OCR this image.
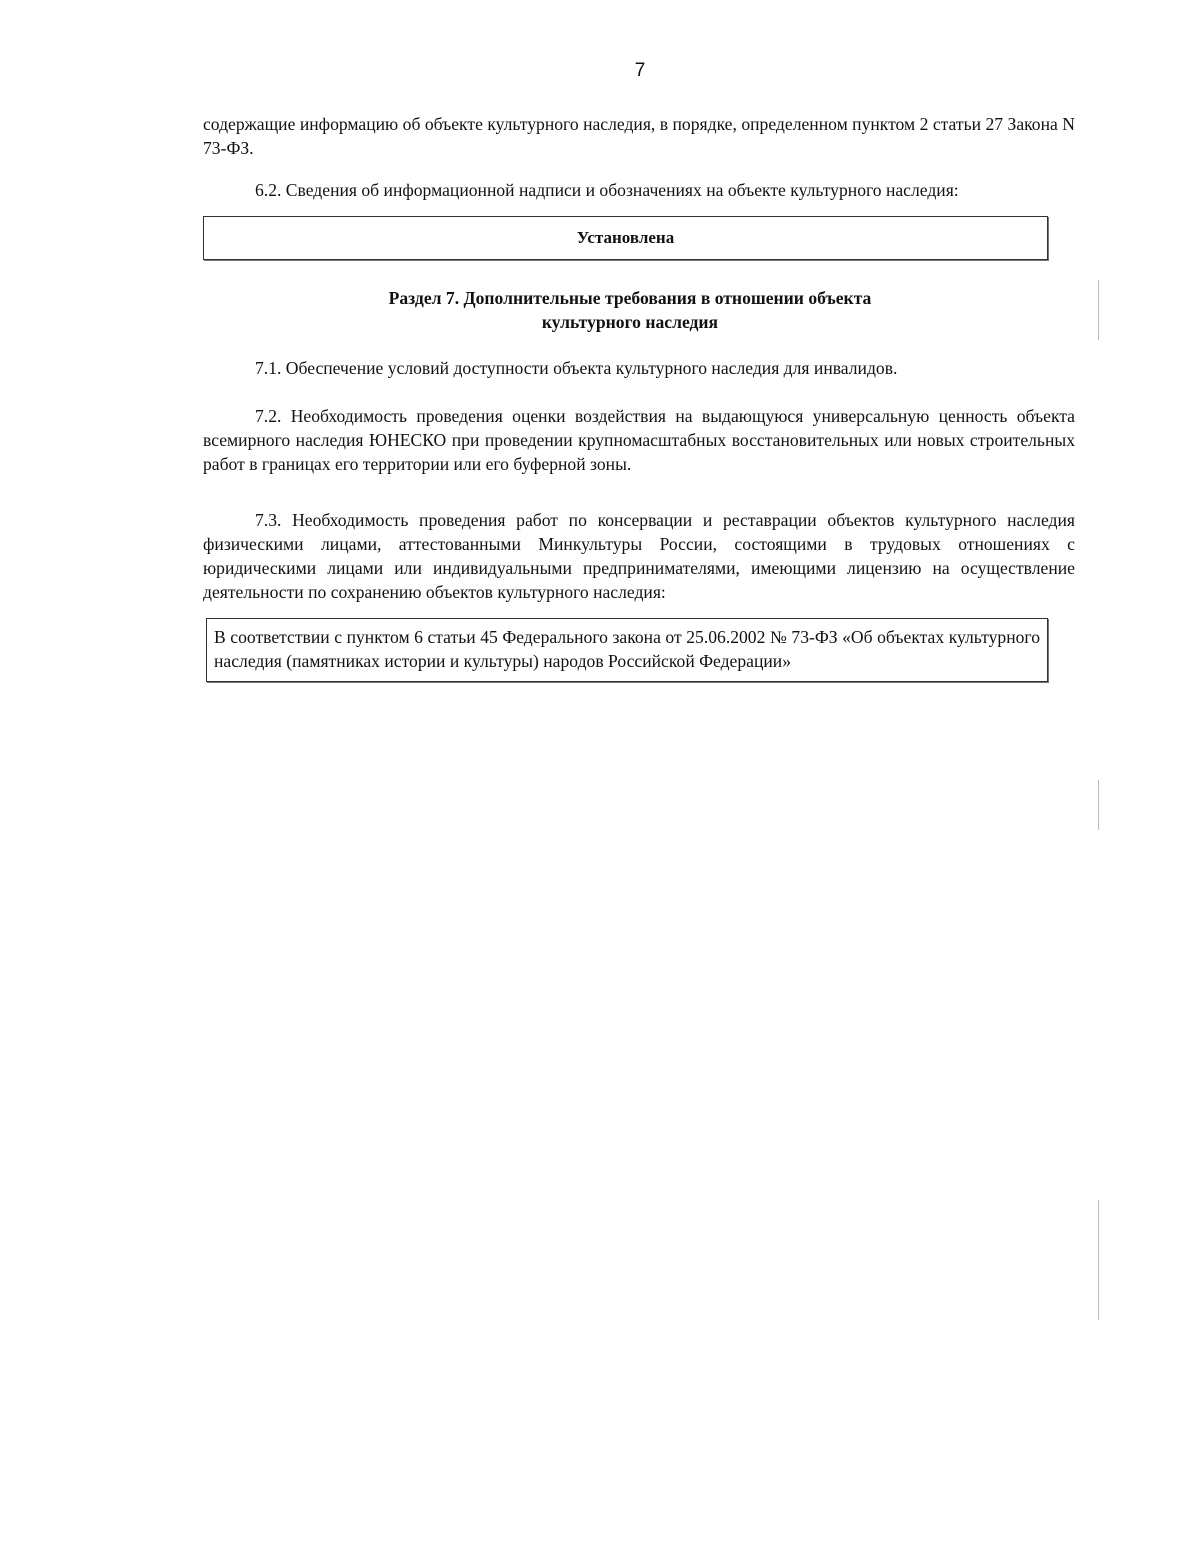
7

содержащие информацию об объекте культурного наследия, в порядке, определенном пунктом 2 статьи 27 Закона N 73-ФЗ.

6.2. Сведения об информационной надписи и обозначениях на объекте культурного наследия:

Установлена
Раздел 7. Дополнительные требования в отношении объекта
культурного наследия

7.1. Обеспечение условий доступности объекта культурного наследия для инвалидов.

7.2. Необходимость проведения оценки воздействия на выдающуюся универсальную ценность объекта всемирного наследия ЮНЕСКО при проведении крупномасштабных восстановительных или новых строительных работ в границах его территории или его буферной зоны.

7.3. Необходимость проведения работ по консервации и реставрации объектов культурного наследия физическими лицами, аттестованными Минкультуры России, состоящими в трудовых отношениях с юридическими лицами или индивидуальными предпринимателями, имеющими лицензию на осуществление деятельности по сохранению объектов культурного наследия:

В соответствии с пунктом 6 статьи 45 Федерального закона от 25.06.2002 № 73-ФЗ «Об объектах культурного наследия (памятниках истории и культуры) народов Российской Федерации»
